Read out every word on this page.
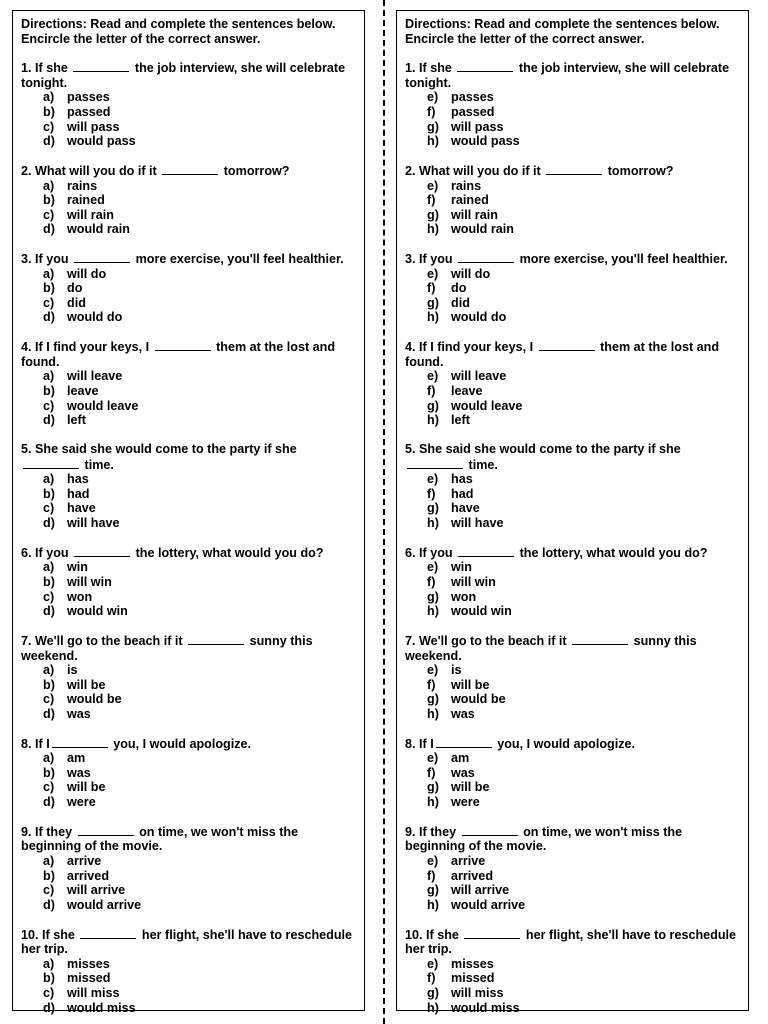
Directions: Read and complete the sentences below.
Encircle the letter of the correct answer.
1. If she	the job interview, she will celebrate tonight.
a)	passes
b) passed
c)	will pass
d) would pass
2. What will you do if it	tomorrow?
a)	rains
b) rained
c)	will rain
d) would rain
3. If you	more exercise, you'll feel healthier.
a)	will do
b) do
c)	did
d) would do
4. If I find your keys, I	them at the lost and found.
a)	will leave
b) leave
c)	would leave
d) left
5. She said she would come to the party if she  time.
a)	has
b) had
c)	have
d) will have
6. If you	the lottery, what would you do?
a)	win
b) will win
c)	won
d) would win
7. We'll go to the beach if it	sunny this weekend.
a)	is
b) will be
c)	would be
d) was
8. If I	you, I would apologize.
a)	am
b) was
c)	will be
d) were
9. If they	on time, we won't miss the beginning of the movie.
a)	arrive
b) arrived
c)	will arrive
d) would arrive
10. If she	her flight, she'll have to reschedule her trip.
a)	misses
b) missed
c)	will miss
d) would miss
Directions: Read and complete the sentences below.
Encircle the letter of the correct answer.
1. If she	the job interview, she will celebrate tonight.
e)	passes
f)	passed
g) will pass
h) would pass
2. What will you do if it	tomorrow?
e)	rains
f)	rained
g) will rain
h) would rain
3. If you	more exercise, you'll feel healthier.
e)	will do
f)	do
g) did
h) would do
4. If I find your keys, I	them at the lost and found.
e)	will leave
f)	leave
g) would leave
h) left
5. She said she would come to the party if she  time.
e)	has
f)	had
g) have
h) will have
6. If you	the lottery, what would you do?
e)	win
f)	will win
g) won
h) would win
7. We'll go to the beach if it	sunny this weekend.
e)	is
f)	will be
g) would be
h) was
8. If I	you, I would apologize.
e)	am
f)	was
g) will be
h) were
9. If they	on time, we won't miss the beginning of the movie.
e)	arrive
f)	arrived
g) will arrive
h) would arrive
10. If she	her flight, she'll have to reschedule her trip.
e)	misses
f)	missed
g) will miss
h) would miss
